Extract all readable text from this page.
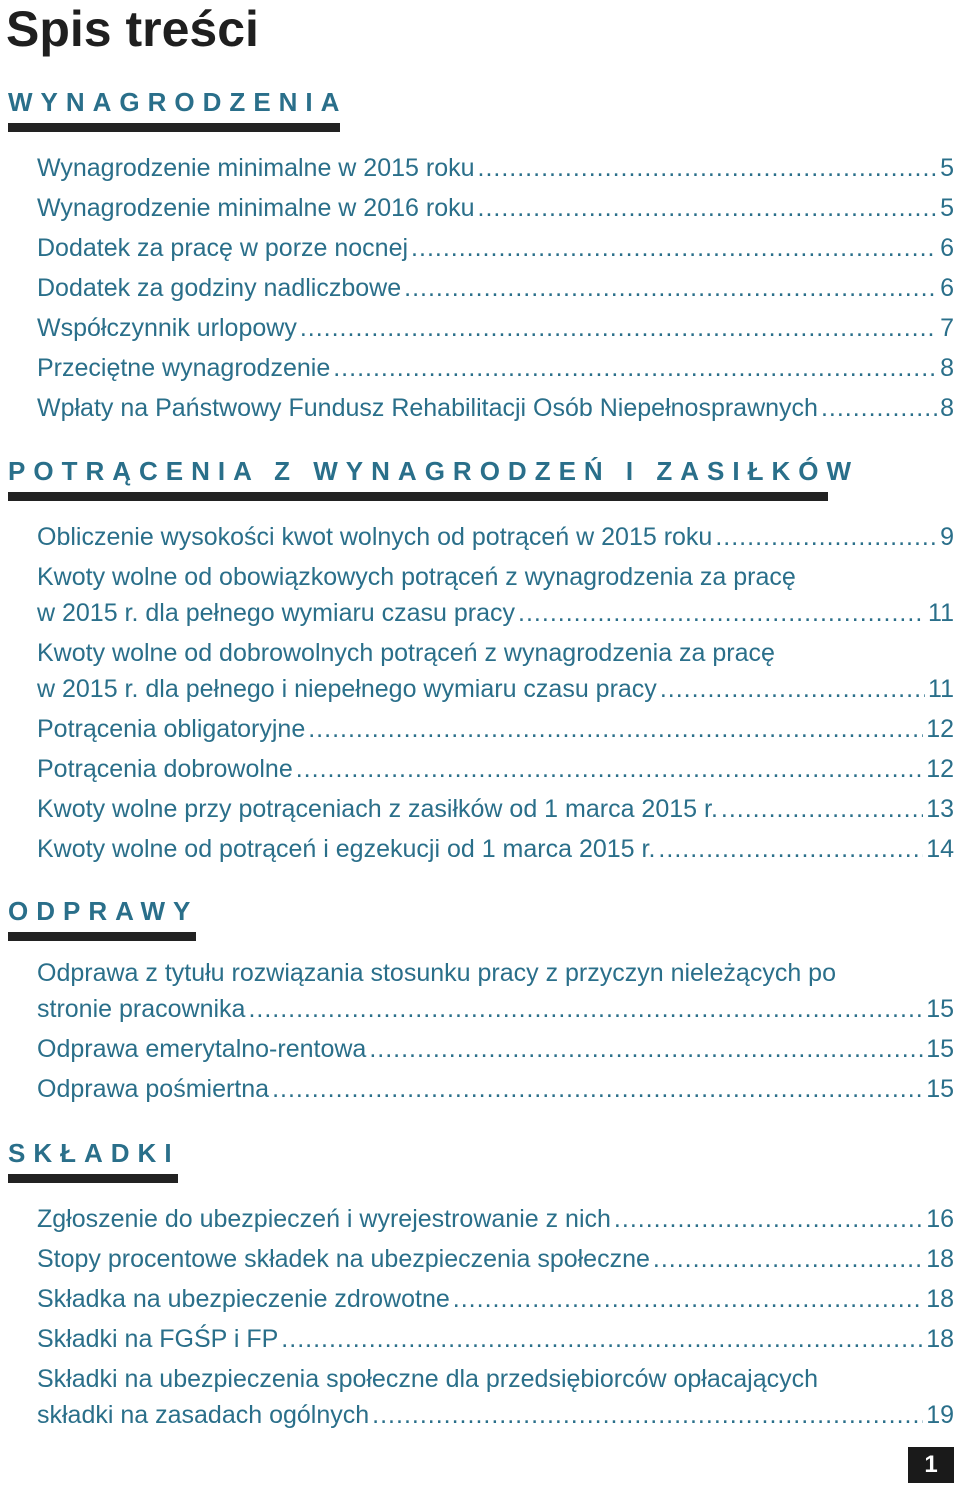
Spis treści
WYNAGRODZENIA
Wynagrodzenie minimalne w 2015 roku .....	5
Wynagrodzenie minimalne w 2016 roku .....	5
Dodatek za pracę w porze nocnej .....	6
Dodatek za godziny nadliczbowe .....	6
Współczynnik urlopowy .....	7
Przeciętne wynagrodzenie .....	8
Wpłaty na Państwowy Fundusz Rehabilitacji Osób Niepełnosprawnych .....	8
POTRĄCENIA Z WYNAGRODZEŃ I ZASIŁKÓW
Obliczenie wysokości kwot wolnych od potrąceń w 2015 roku .....	9
Kwoty wolne od obowiązkowych potrąceń z wynagrodzenia za pracę
w 2015 r. dla pełnego wymiaru czasu pracy .....	11
Kwoty wolne od dobrowolnych potrąceń z wynagrodzenia za pracę
w 2015 r. dla pełnego i niepełnego wymiaru czasu pracy .....	11
Potrącenia obligatoryjne .....	12
Potrącenia dobrowolne .....	12
Kwoty wolne przy potrąceniach z zasiłków od 1 marca 2015 r. .....	13
Kwoty wolne od potrąceń i egzekucji od 1 marca 2015 r. .....	14
ODPRAWY
Odprawa z tytułu rozwiązania stosunku pracy z przyczyn nieleżących po
stronie pracownika .....	15
Odprawa emerytalno-rentowa .....	15
Odprawa pośmiertna .....	15
SKŁADKI
Zgłoszenie do ubezpieczeń i wyrejestrowanie z nich .....	16
Stopy procentowe składek na ubezpieczenia społeczne .....	18
Składka na ubezpieczenie zdrowotne .....	18
Składki na FGŚP i FP .....	18
Składki na ubezpieczenia społeczne dla przedsiębiorców opłacających
składki na zasadach ogólnych .....	19
1
